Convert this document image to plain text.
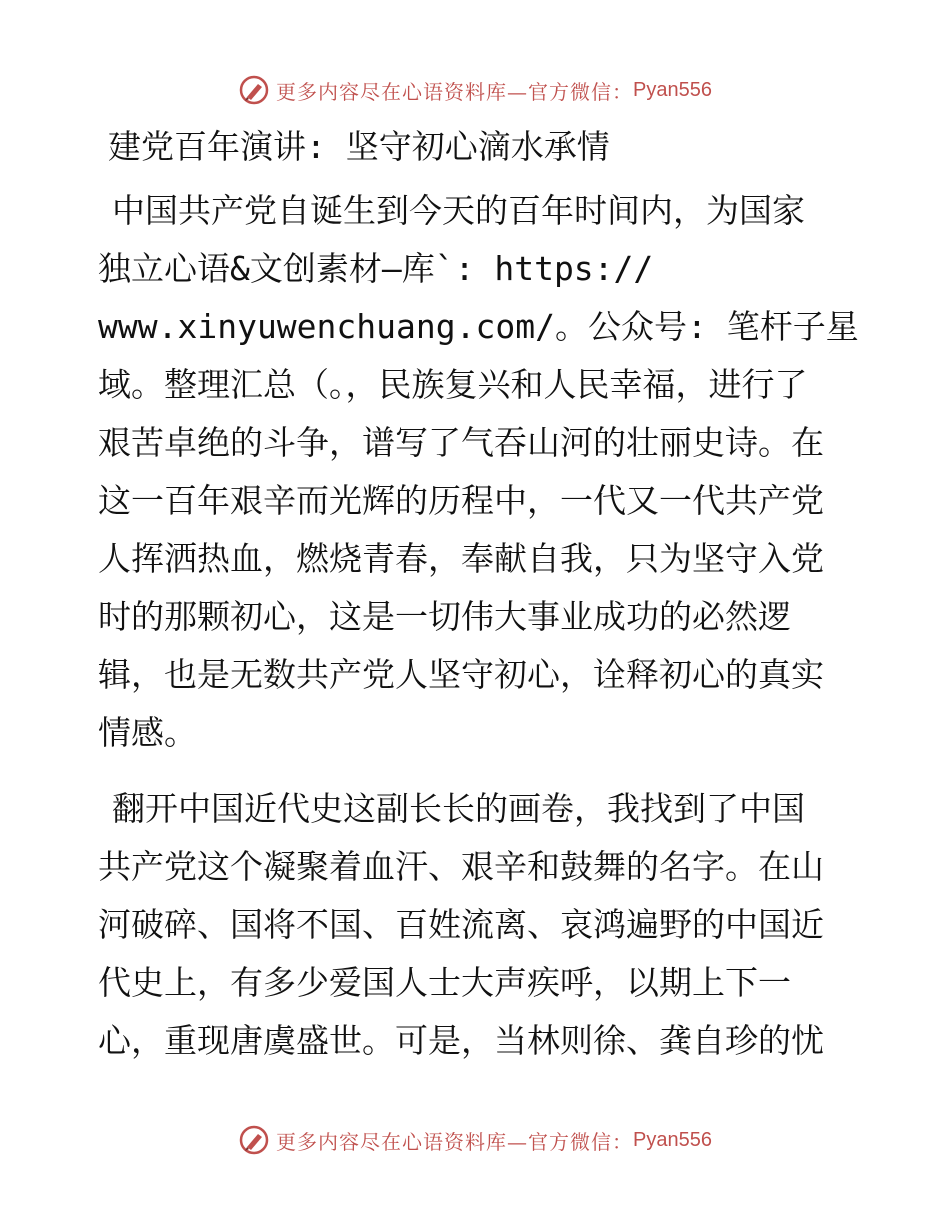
更多内容尽在心语资料库—官方微信： Pyan556
建党百年演讲: 坚守初心滴水承情
中国共产党自诞生到今天的百年时间内，为国家
独立心语&文创素材—库`: https://
www.xinyuwenchuang.com/。公众号: 笔杆子星
域。整理汇总（。，民族复兴和人民幸福，进行了
艰苦卓绝的斗争，谱写了气吞山河的壮丽史诗。在
这一百年艰辛而光辉的历程中，一代又一代共产党
人挥洒热血，燃烧青春，奉献自我，只为坚守入党
时的那颗初心，这是一切伟大事业成功的必然逻
辑，也是无数共产党人坚守初心，诠释初心的真实
情感。
翻开中国近代史这副长长的画卷，我找到了中国
共产党这个凝聚着血汗、艰辛和鼓舞的名字。在山
河破碎、国将不国、百姓流离、哀鸿遍野的中国近
代史上，有多少爱国人士大声疾呼，以期上下一
心，重现唐虞盛世。可是，当林则徐、龚自珍的忧
更多内容尽在心语资料库—官方微信： Pyan556
